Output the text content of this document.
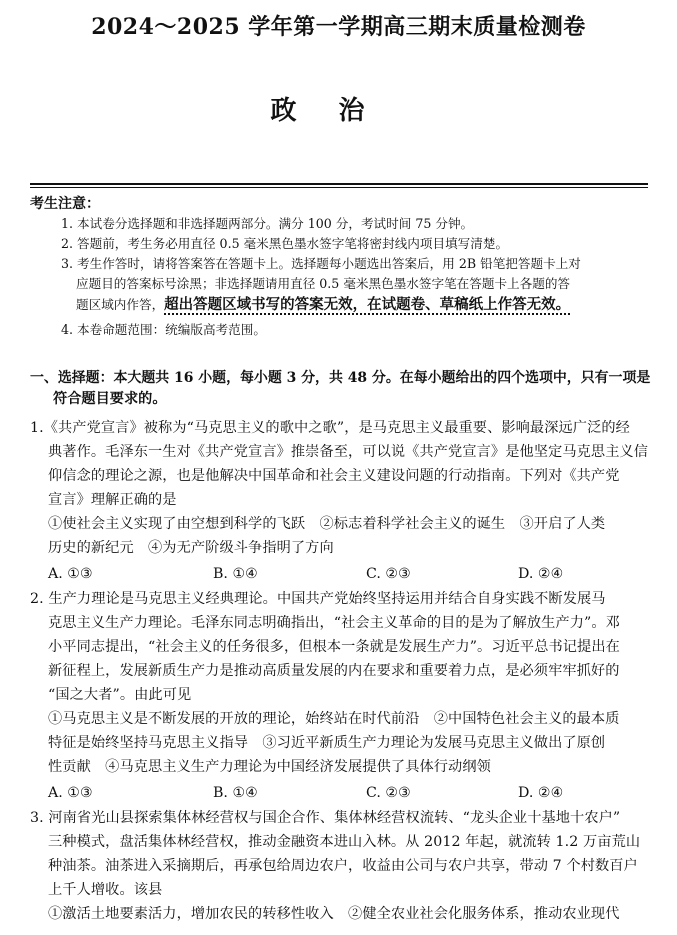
2024～2025 学年第一学期高三期末质量检测卷
政治
考生注意：
1. 本试卷分选择题和非选择题两部分。满分 100 分，考试时间 75 分钟。
2. 答题前，考生务必用直径 0.5 毫米黑色墨水签字笔将密封线内项目填写清楚。
3. 考生作答时，请将答案答在答题卡上。选择题每小题选出答案后，用 2B 铅笔把答题卡上对
应题目的答案标号涂黑；非选择题请用直径 0.5 毫米黑色墨水签字笔在答题卡上各题的答
题区域内作答，超出答题区域书写的答案无效，在试题卷、草稿纸上作答无效。
4. 本卷命题范围：统编版高考范围。
一、选择题：本大题共 16 小题，每小题 3 分，共 48 分。在每小题给出的四个选项中，只有一项是
符合题目要求的。
1.《共产党宣言》被称为“马克思主义的歌中之歌”，是马克思主义最重要、影响最深远广泛的经
典著作。毛泽东一生对《共产党宣言》推崇备至，可以说《共产党宣言》是他坚定马克思主义信
仰信念的理论之源，也是他解决中国革命和社会主义建设问题的行动指南。下列对《共产党
宣言》理解正确的是
①使社会主义实现了由空想到科学的飞跃　②标志着科学社会主义的诞生　③开启了人类
历史的新纪元　④为无产阶级斗争指明了方向
A. ①③	B. ①④	C. ②③	D. ②④
2. 生产力理论是马克思主义经典理论。中国共产党始终坚持运用并结合自身实践不断发展马
克思主义生产力理论。毛泽东同志明确指出，“社会主义革命的目的是为了解放生产力”。邓
小平同志提出，“社会主义的任务很多，但根本一条就是发展生产力”。习近平总书记提出在
新征程上，发展新质生产力是推动高质量发展的内在要求和重要着力点，是必须牢牢抓好的
“国之大者”。由此可见
①马克思主义是不断发展的开放的理论，始终站在时代前沿　②中国特色社会主义的最本质
特征是始终坚持马克思主义指导　③习近平新质生产力理论为发展马克思主义做出了原创
性贡献　④马克思主义生产力理论为中国经济发展提供了具体行动纲领
A. ①③	B. ①④	C. ②③	D. ②④
3. 河南省光山县探索集体林经营权与国企合作、集体林经营权流转、“龙头企业十基地十农户”
三种模式，盘活集体林经营权，推动金融资本进山入林。从 2012 年起，就流转 1.2 万亩荒山
种油茶。油茶进入采摘期后，再承包给周边农户，收益由公司与农户共享，带动 7 个村数百户
上千人增收。该县
①激活土地要素活力，增加农民的转移性收入　②健全农业社会化服务体系，推动农业现代
